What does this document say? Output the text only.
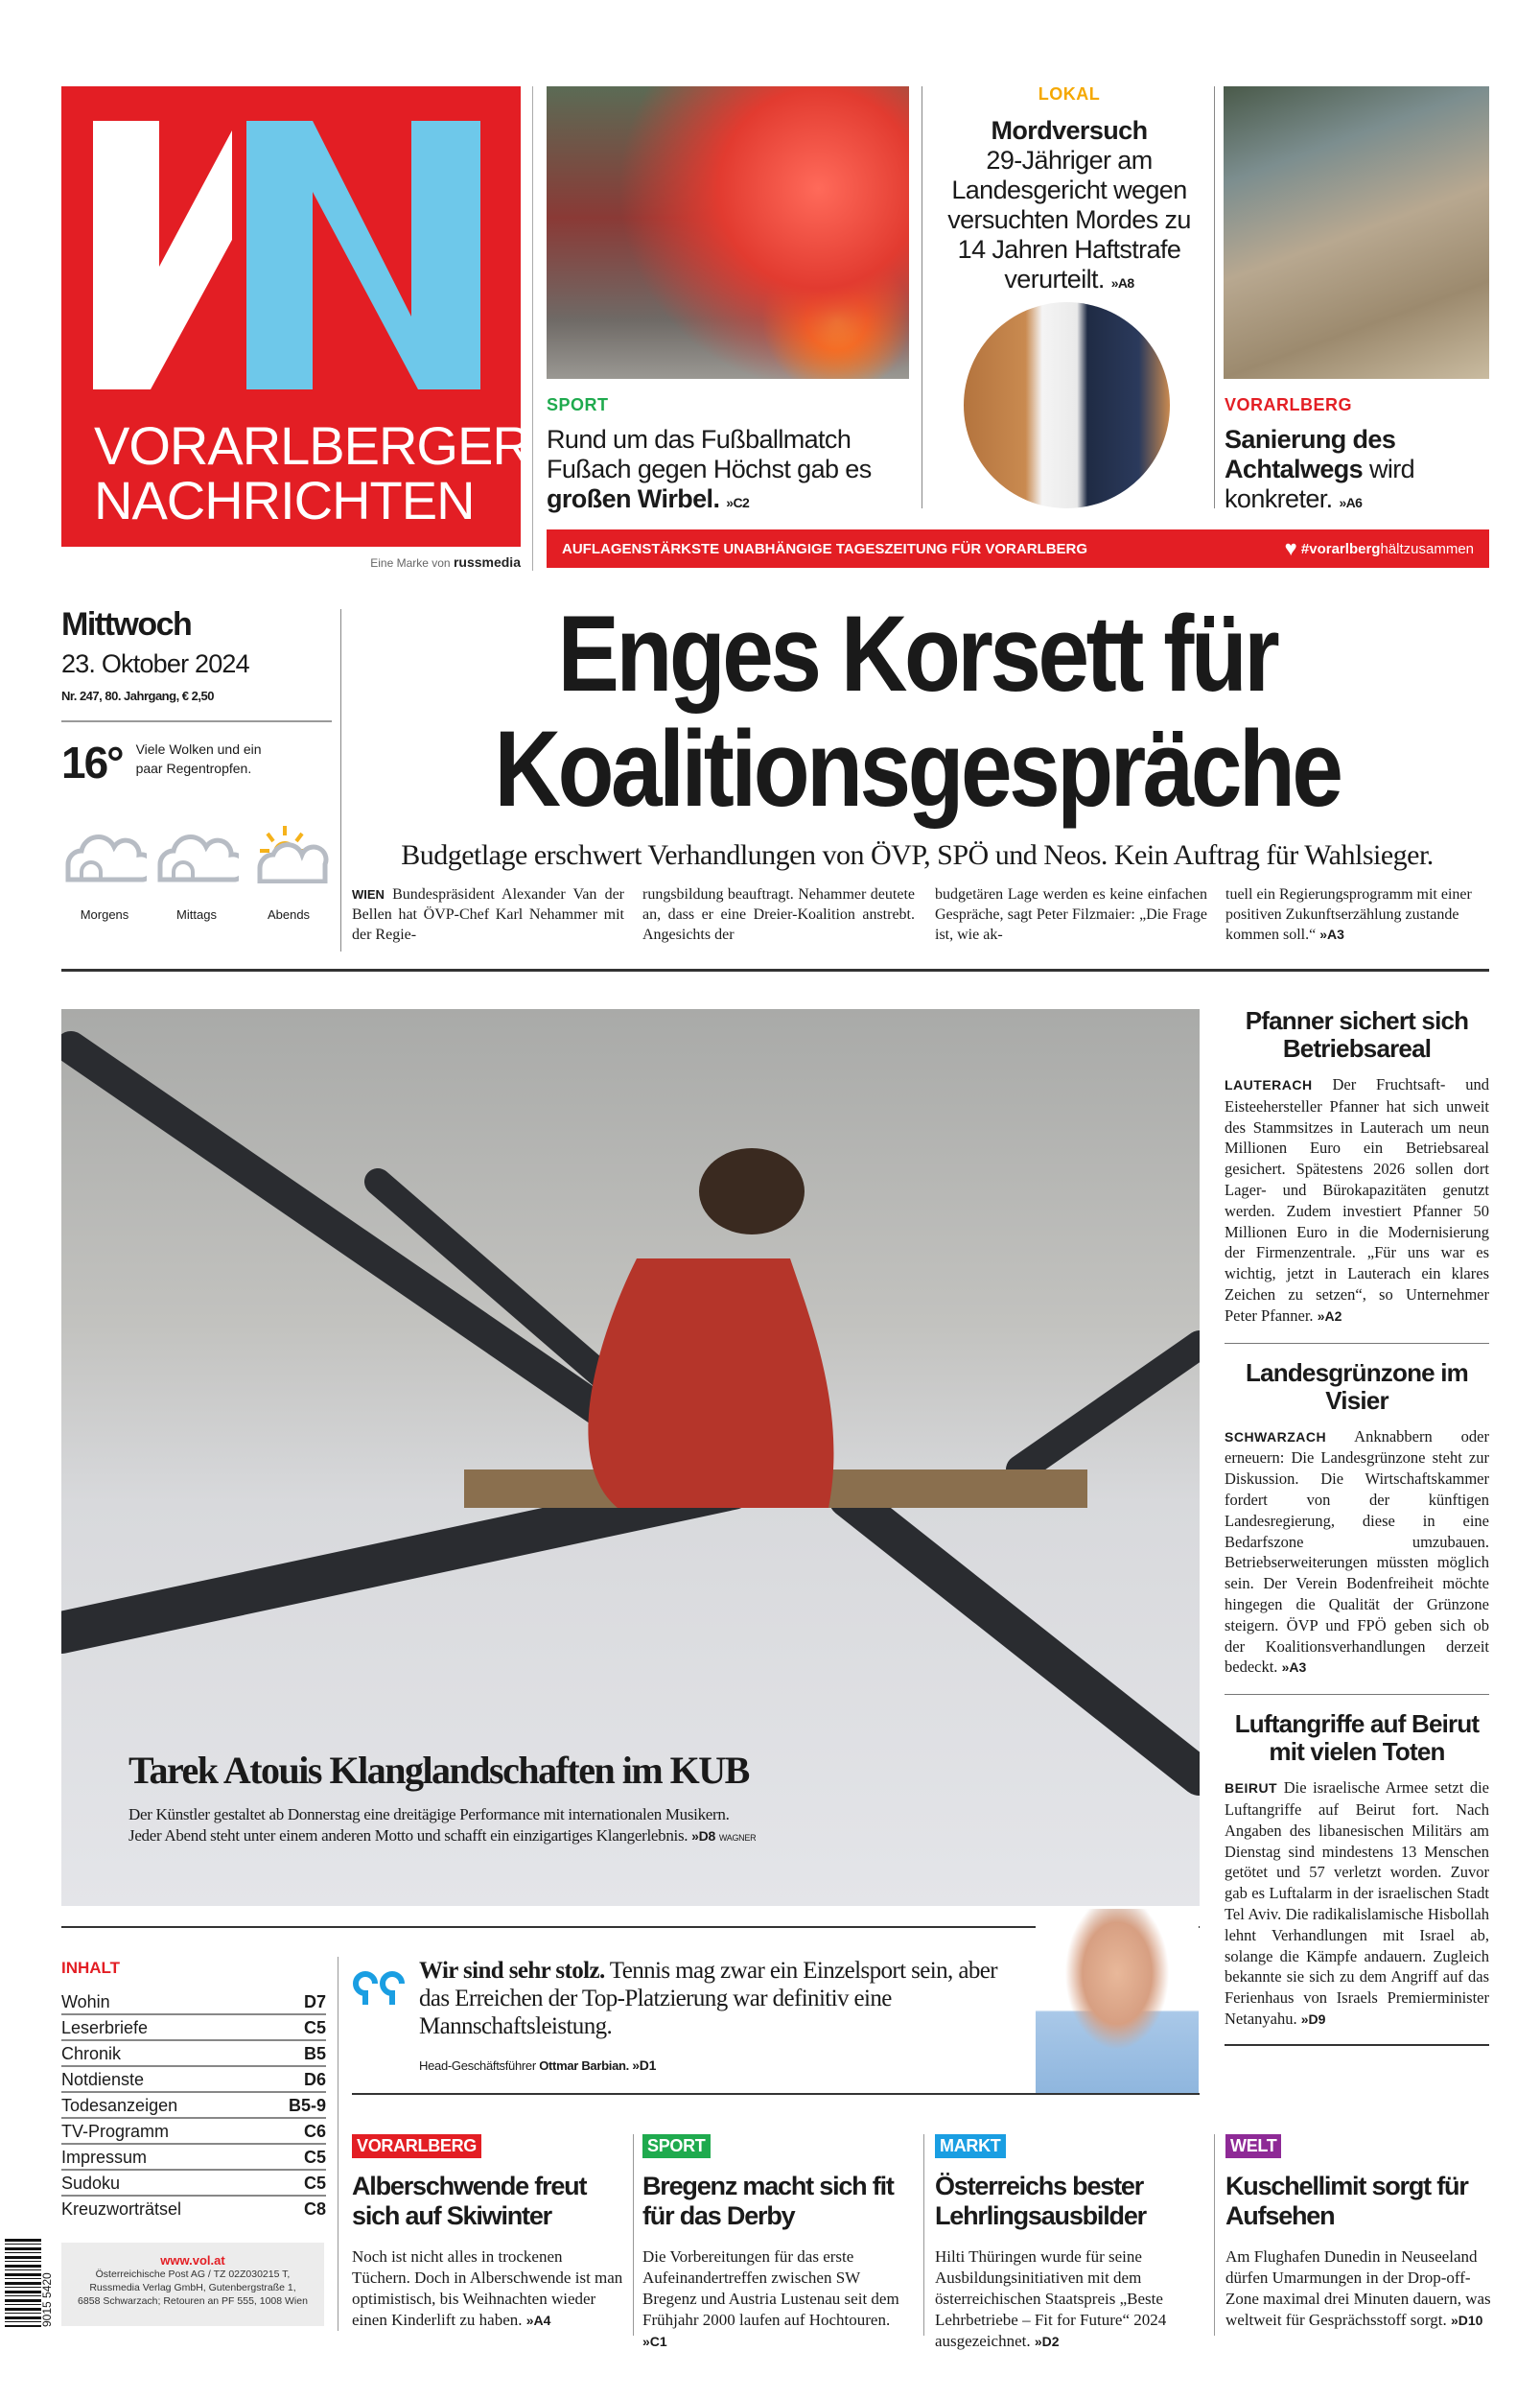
VORARLBERGER
NACHRICHTEN
Eine Marke von russmedia
SPORT
Rund um das Fußballmatch Fußach gegen Höchst gab es großen Wirbel. »C2
LOKAL
Mordversuch
29-Jähriger am Landesgericht wegen versuchten Mordes zu 14 Jahren Haftstrafe verurteilt. »A8
VORARLBERG
Sanierung des Achtalwegs wird konkreter. »A6
AUFLAGENSTÄRKSTE UNABHÄNGIGE TAGESZEITUNG FÜR VORARLBERG	♥ #vorarlberghältzusammen
Mittwoch
23. Oktober 2024
Nr. 247, 80. Jahrgang, € 2,50
16° Viele Wolken und ein paar Regentropfen.
Morgens	Mittags	Abends
Enges Korsett für
Koalitionsgespräche
Budgetlage erschwert Verhandlungen von ÖVP, SPÖ und Neos. Kein Auftrag für Wahlsieger.
WIEN Bundespräsident Alexander Van der Bellen hat ÖVP-Chef Karl Nehammer mit der Regie-
rungsbildung beauftragt. Nehammer deutete an, dass er eine Dreier-Koalition anstrebt. Angesichts der
budgetären Lage werden es keine einfachen Gespräche, sagt Peter Filzmaier: „Die Frage ist, wie ak-
tuell ein Regierungsprogramm mit einer positiven Zukunftserzählung zustande kommen soll.“ »A3
Tarek Atouis Klanglandschaften im KUB
Der Künstler gestaltet ab Donnerstag eine dreitägige Performance mit internationalen Musikern.
Jeder Abend steht unter einem anderen Motto und schafft ein einzigartiges Klangerlebnis. »D8 WAGNER
Pfanner sichert sich Betriebsareal
LAUTERACH Der Fruchtsaft- und Eisteehersteller Pfanner hat sich unweit des Stammsitzes in Lauterach um neun Millionen Euro ein Betriebsareal gesichert. Spätestens 2026 sollen dort Lager- und Bürokapazitäten genutzt werden. Zudem investiert Pfanner 50 Millionen Euro in die Modernisierung der Firmenzentrale. „Für uns war es wichtig, jetzt in Lauterach ein klares Zeichen zu setzen“, so Unternehmer Peter Pfanner. »A2
Landesgrünzone im Visier
SCHWARZACH Anknabbern oder erneuern: Die Landesgrünzone steht zur Diskussion. Die Wirtschaftskammer fordert von der künftigen Landesregierung, diese in eine Bedarfszone umzubauen. Betriebserweiterungen müssten möglich sein. Der Verein Bodenfreiheit möchte hingegen die Qualität der Grünzone steigern. ÖVP und FPÖ geben sich ob der Koalitionsverhandlungen derzeit bedeckt. »A3
Luftangriffe auf Beirut mit vielen Toten
BEIRUT Die israelische Armee setzt die Luftangriffe auf Beirut fort. Nach Angaben des libanesischen Militärs am Dienstag sind mindestens 13 Menschen getötet und 57 verletzt worden. Zuvor gab es Luftalarm in der israelischen Stadt Tel Aviv. Die radikalislamische Hisbollah lehnt Verhandlungen mit Israel ab, solange die Kämpfe andauern. Zugleich bekannte sie sich zu dem Angriff auf das Ferienhaus von Israels Premierminister Netanyahu. »D9
INHALT
Wohin	D7
Leserbriefe	C5
Chronik	B5
Notdienste	D6
Todesanzeigen	B5-9
TV-Programm	C6
Impressum	C5
Sudoku	C5
Kreuzworträtsel	C8
Wir sind sehr stolz. Tennis mag zwar ein Einzelsport sein, aber das Erreichen der Top-Platzierung war definitiv eine Mannschaftsleistung.
Head-Geschäftsführer Ottmar Barbian. »D1
VORARLBERG
Alberschwende freut sich auf Skiwinter

Noch ist nicht alles in trockenen Tüchern. Doch in Alberschwende ist man optimistisch, bis Weihnachten wieder einen Kinderlift zu haben. »A4

SPORT
Bregenz macht sich fit für das Derby

Die Vorbereitungen für das erste Aufeinandertreffen zwischen SW Bregenz und Austria Lustenau seit dem Frühjahr 2000 laufen auf Hochtouren. »C1

MARKT
Österreichs bester Lehrlingsausbilder

Hilti Thüringen wurde für seine Ausbildungsinitiativen mit dem österreichischen Staatspreis „Beste Lehrbetriebe – Fit for Future“ 2024 ausgezeichnet. »D2

WELT
Kuschellimit sorgt für Aufsehen

Am Flughafen Dunedin in Neuseeland dürfen Umarmungen in der Drop-off-Zone maximal drei Minuten dauern, was weltweit für Gesprächsstoff sorgt. »D10

www.vol.at
Österreichische Post AG / TZ 02Z030215 T,
Russmedia Verlag GmbH, Gutenbergstraße 1,
6858 Schwarzach; Retouren an PF 555, 1008 Wien
9015 5420
